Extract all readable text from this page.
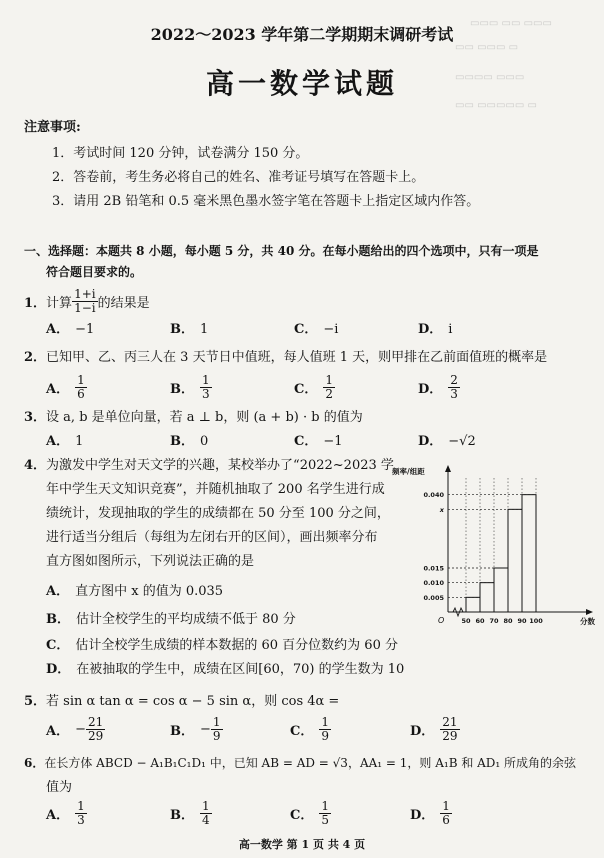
▭▭▭ ▭▭ ▭▭▭
▭▭ ▭▭▭ ▭
▭▭▭▭ ▭▭▭
▭▭ ▭▭▭▭▭ ▭
2022～2023 学年第二学期期末调研考试
高一数学试题
注意事项:
1．考试时间 120 分钟，试卷满分 150 分。
2．答卷前，考生务必将自己的姓名、准考证号填写在答题卡上。
3．请用 2B 铅笔和 0.5 毫米黑色墨水签字笔在答题卡上指定区域内作答。
一、选择题：本题共 8 小题，每小题 5 分，共 40 分。在每小题给出的四个选项中，只有一项是
符合题目要求的。
1． 计算 $\frac{1+i}{1-i}$ 的结果是
A． −1	B． 1	C． −i	D． i
2．已知甲、乙、丙三人在 3 天节日中值班，每人值班 1 天，则甲排在乙前面值班的概率是
A． $\frac{1}{6}$	B． $\frac{1}{3}$	C． $\frac{1}{2}$	D． $\frac{2}{3}$
3．设 a, b 是单位向量，若 a ⊥ b，则 (a + b) · b 的值为
A． 1	B． 0	C． −1	D． −√2
4．为激发中学生对天文学的兴趣，某校举办了“2022~2023 学
年中学生天文知识竞赛”，并随机抽取了 200 名学生进行成
绩统计，发现抽取的学生的成绩都在 50 分至 100 分之间，
进行适当分组后（每组为左闭右开的区间），画出频率分布
直方图如图所示，下列说法正确的是
A． 直方图中 x 的值为 0.035
B． 估计全校学生的平均成绩不低于 80 分
C． 估计全校学生成绩的样本数据的 60 百分位数约为 60 分
D． 在被抽取的学生中，成绩在区间[60，70) 的学生数为 10
频率/组距
分数
O
0.005
0.010
0.015
x
0.040
50 60 70 80 90 100
5．若 sin α tan α = cos α − 5 sin α，则 cos 4α =
A． − $\frac{21}{29}$	B． − $\frac{1}{9}$	C． $\frac{1}{9}$	D． $\frac{21}{29}$
6．在长方体 ABCD − A₁B₁C₁D₁ 中，已知 AB = AD = √3，AA₁ = 1，则 A₁B 和 AD₁ 所成角的余弦
值为
A． $\frac{1}{3}$	B． $\frac{1}{4}$	C． $\frac{1}{5}$	D． $\frac{1}{6}$
高一数学 第 1 页 共 4 页
